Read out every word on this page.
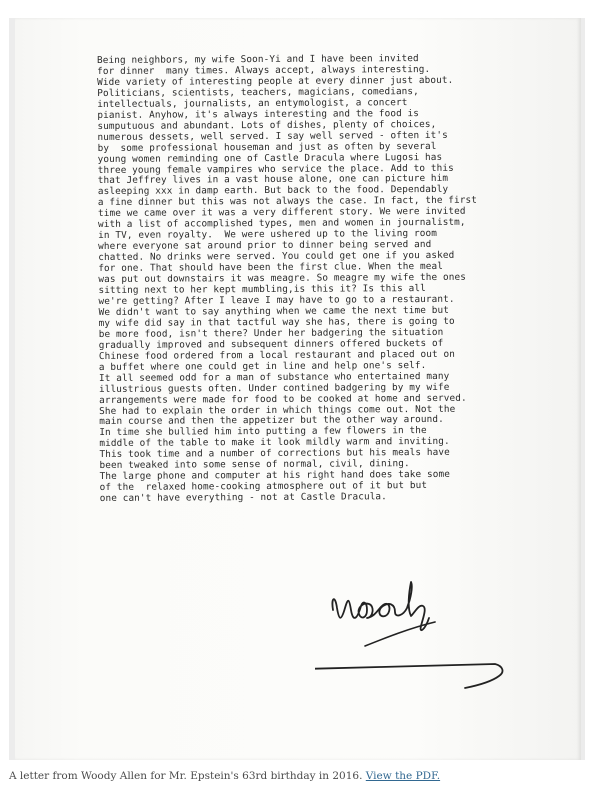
Being neighbors, my wife Soon-Yi and I have been invited
for dinner  many times. Always accept, always interesting.
Wide variety of interesting people at every dinner just about.
Politicians, scientists, teachers, magicians, comedians,
intellectuals, journalists, an entymologist, a concert
pianist. Anyhow, it's always interesting and the food is
sumputuous and abundant. Lots of dishes, plenty of choices,
numerous dessets, well served. I say well served - often it's
by  some professional houseman and just as often by several
young women reminding one of Castle Dracula where Lugosi has
three young female vampires who service the place. Add to this
that Jeffrey lives in a vast house alone, one can picture him
asleeping xxx in damp earth. But back to the food. Dependably
a fine dinner but this was not always the case. In fact, the first
time we came over it was a very different story. We were invited
with a list of accomplished types, men and women in journalistm,
in TV, even royalty.  We were ushered up to the living room
where everyone sat around prior to dinner being served and
chatted. No drinks were served. You could get one if you asked
for one. That should have been the first clue. When the meal
was put out downstairs it was meagre. So meagre my wife the ones
sitting next to her kept mumbling,is this it? Is this all
we're getting? After I leave I may have to go to a restaurant.
We didn't want to say anything when we came the next time but
my wife did say in that tactful way she has, there is going to
be more food, isn't there? Under her badgering the situation
gradually improved and subsequent dinners offered buckets of
Chinese food ordered from a local restaurant and placed out on
a buffet where one could get in line and help one's self.
It all seemed odd for a man of substance who entertained many
illustrious guests often. Under contined badgering by my wife
arrangements were made for food to be cooked at home and served.
She had to explain the order in which things come out. Not the
main course and then the appetizer but the other way around.
In time she bullied him into putting a few flowers in the
middle of the table to make it look mildly warm and inviting.
This took time and a number of corrections but his meals have
been tweaked into some sense of normal, civil, dining.
The large phone and computer at his right hand does take some
of the  relaxed home-cooking atmosphere out of it but but
one can't have everything - not at Castle Dracula.

A letter from Woody Allen for Mr. Epstein's 63rd birthday in 2016. View the PDF.
